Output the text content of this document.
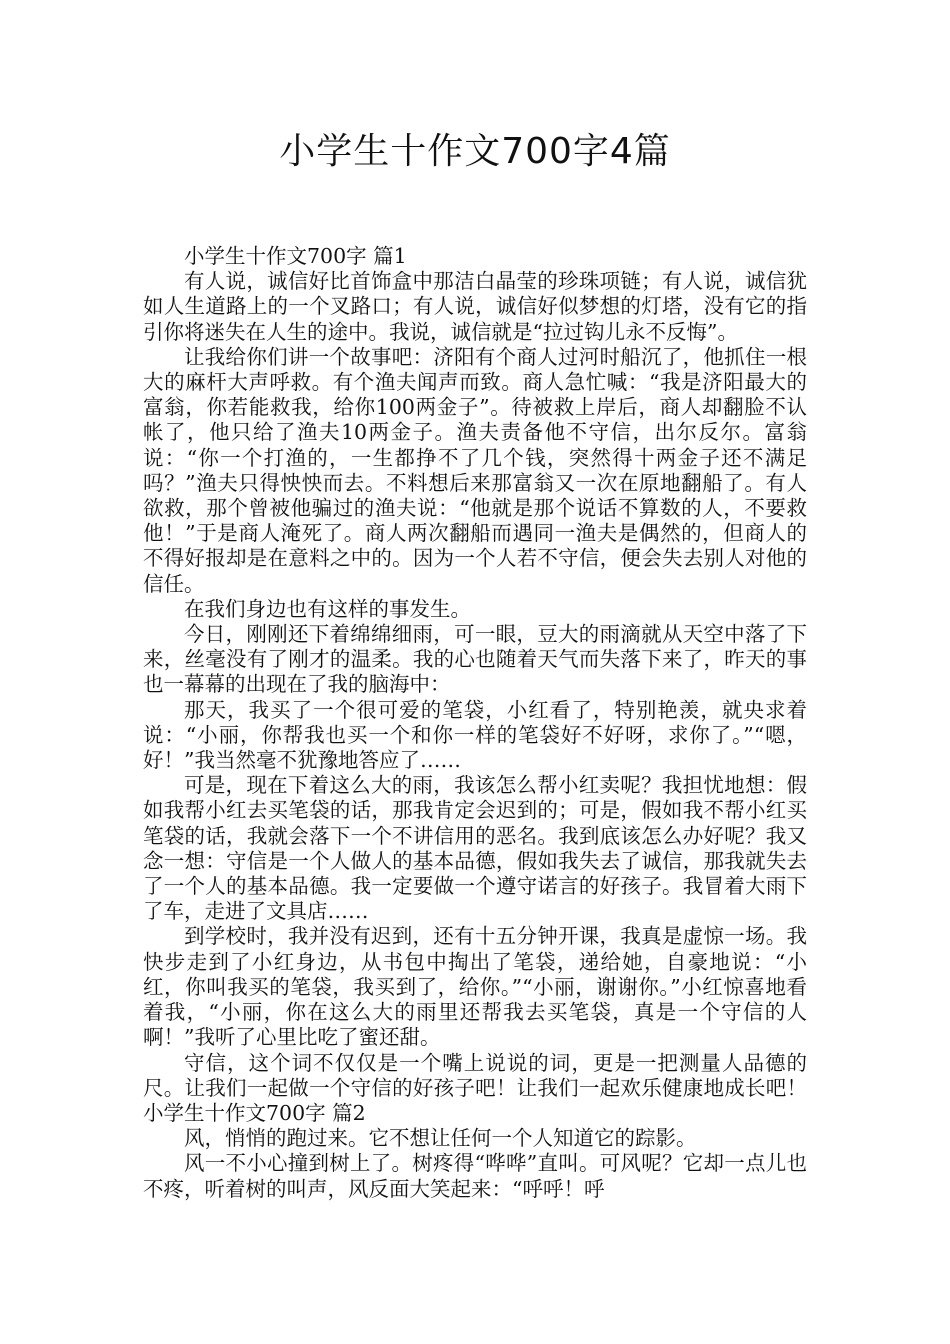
小学生十作文700字4篇

小学生十作文700字 篇1

有人说，诚信好比首饰盒中那洁白晶莹的珍珠项链；有人说，诚信犹如人生道路上的一个叉路口；有人说，诚信好似梦想的灯塔，没有它的指引你将迷失在人生的途中。我说，诚信就是“拉过钩儿永不反悔”。

让我给你们讲一个故事吧：济阳有个商人过河时船沉了，他抓住一根大的麻杆大声呼救。有个渔夫闻声而致。商人急忙喊：“我是济阳最大的富翁，你若能救我，给你100两金子”。待被救上岸后，商人却翻脸不认帐了，他只给了渔夫10两金子。渔夫责备他不守信，出尔反尔。富翁说：“你一个打渔的，一生都挣不了几个钱，突然得十两金子还不满足吗？”渔夫只得怏怏而去。不料想后来那富翁又一次在原地翻船了。有人欲救，那个曾被他骗过的渔夫说：“他就是那个说话不算数的人，不要救他！”于是商人淹死了。商人两次翻船而遇同一渔夫是偶然的，但商人的不得好报却是在意料之中的。因为一个人若不守信，便会失去别人对他的信任。

在我们身边也有这样的事发生。

今日，刚刚还下着绵绵细雨，可一眼，豆大的雨滴就从天空中落了下来，丝毫没有了刚才的温柔。我的心也随着天气而失落下来了，昨天的事也一幕幕的出现在了我的脑海中：

那天，我买了一个很可爱的笔袋，小红看了，特别艳羡，就央求着说：“小丽，你帮我也买一个和你一样的笔袋好不好呀，求你了。”“嗯，好！”我当然毫不犹豫地答应了……

可是，现在下着这么大的雨，我该怎么帮小红卖呢？我担忧地想：假如我帮小红去买笔袋的话，那我肯定会迟到的；可是，假如我不帮小红买笔袋的话，我就会落下一个不讲信用的恶名。我到底该怎么办好呢？我又念一想：守信是一个人做人的基本品德，假如我失去了诚信，那我就失去了一个人的基本品德。我一定要做一个遵守诺言的好孩子。我冒着大雨下了车，走进了文具店……

到学校时，我并没有迟到，还有十五分钟开课，我真是虚惊一场。我快步走到了小红身边，从书包中掏出了笔袋，递给她，自豪地说：“小红，你叫我买的笔袋，我买到了，给你。”“小丽，谢谢你。”小红惊喜地看着我，“小丽，你在这么大的雨里还帮我去买笔袋，真是一个守信的人啊！”我听了心里比吃了蜜还甜。

守信，这个词不仅仅是一个嘴上说说的词，更是一把测量人品德的尺。让我们一起做一个守信的好孩子吧！让我们一起欢乐健康地成长吧！小学生十作文700字 篇2

风，悄悄的跑过来。它不想让任何一个人知道它的踪影。

风一不小心撞到树上了。树疼得“哗哗”直叫。可风呢？它却一点儿也不疼，听着树的叫声，风反面大笑起来：“呼呼！呼
